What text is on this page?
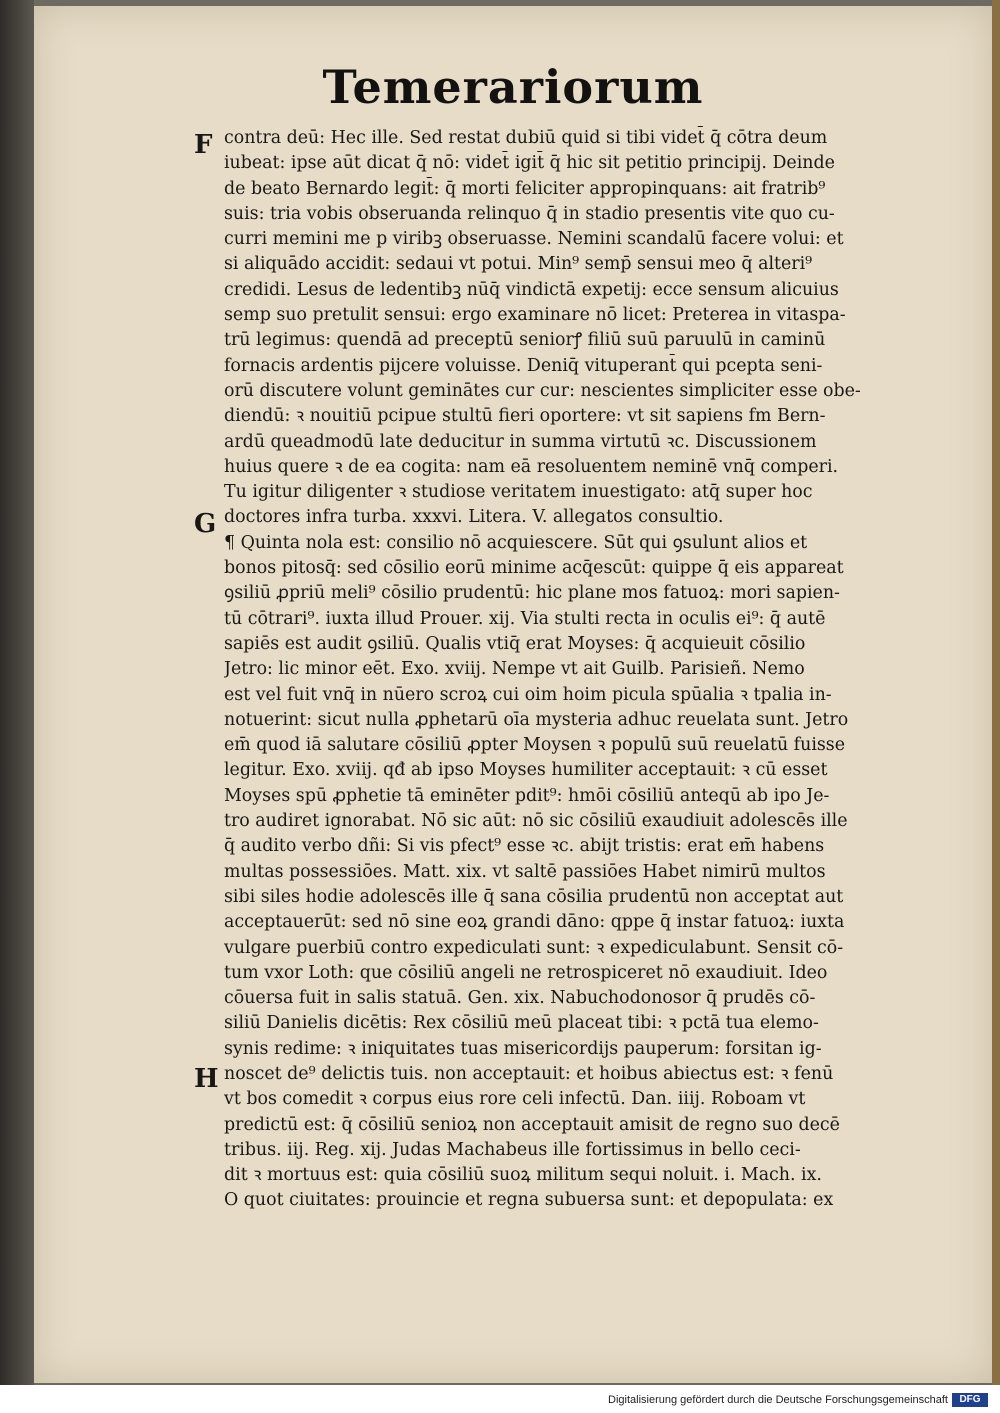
Temerariorum
F
G
H
contra deū: Hec ille. Sed restat dubiū quid si tibi videt̄ q̄ cōtra deum
iubeat: ipse aūt dicat q̄ nō: videt̄ igit̄ q̄ hic sit petitio principij. Deinde
de beato Bernardo legit̄: q̄ morti feliciter appropinquans: ait fratrib⁹
suis: tria vobis obseruanda relinquo q̄ in stadio presentis vite quo cu-
curri memini me p viribꝫ obseruasse. Nemini scandalū facere volui: et
si aliquādo accidit: sedaui vt potui. Min⁹ semp̄ sensui meo q̄ alteri⁹
credidi. Lesus de ledentibꝫ nūq̄ vindictā expetij: ecce sensum alicuius
semp suo pretulit sensui: ergo examinare nō licet: Preterea in vitaspa-
trū legimus: quendā ad preceptū seniorꝭ filiū suū paruulū in caminū
fornacis ardentis pijcere voluisse. Deniq̄ vituperant̄ qui pcepta seni-
orū discutere volunt geminātes cur cur: nescientes simpliciter esse obe-
diendū: ꝛ nouitiū pcipue stultū fieri oportere: vt sit sapiens fm Bern-
ardū queadmodū late deducitur in summa virtutū ꝛc. Discussionem
huius quere ꝛ de ea cogita: nam eā resoluentem neminē vnq̄ comperi.
Tu igitur diligenter ꝛ studiose veritatem inuestigato: atq̄ super hoc
doctores infra turba. xxxvi. Litera. V. allegatos consultio.
¶ Quinta nola est: consilio nō acquiescere. Sūt qui ꝯsulunt alios et
bonos pitosq̄: sed cōsilio eorū minime acq̄escūt: quippe q̄ eis appareat
ꝯsiliū ꝓpriū meli⁹ cōsilio prudentū: hic plane mos fatuoꝝ: mori sapien-
tū cōtrari⁹. iuxta illud Prouer. xij. Via stulti recta in oculis ei⁹: q̄ autē
sapiēs est audit ꝯsiliū. Qualis vtiq̄ erat Moyses: q̄ acquieuit cōsilio
Jetro: lic minor eēt. Exo. xviij. Nempe vt ait Guilb. Parisieñ. Nemo
est vel fuit vnq̄ in nūero scroꝝ cui oim hoim picula spūalia ꝛ tpalia in-
notuerint: sicut nulla ꝓphetarū oīa mysteria adhuc reuelata sunt. Jetro
em̄ quod iā salutare cōsiliū ꝓpter Moysen ꝛ populū suū reuelatū fuisse
legitur. Exo. xviij. qđ ab ipso Moyses humiliter acceptauit: ꝛ cū esset
Moyses spū ꝓphetie tā eminēter pdit⁹: hmōi cōsiliū anteqū ab ipo Je-
tro audiret ignorabat. Nō sic aūt: nō sic cōsiliū exaudiuit adolescēs ille
q̄ audito verbo dñi: Si vis pfect⁹ esse ꝛc. abijt tristis: erat em̄ habens
multas possessiōes. Matt. xix. vt saltē passiōes Habet nimirū multos
sibi siles hodie adolescēs ille q̄ sana cōsilia prudentū non acceptat aut
acceptauerūt: sed nō sine eoꝝ grandi dāno: qppe q̄ instar fatuoꝝ: iuxta
vulgare puerbiū contro expediculati sunt: ꝛ expediculabunt. Sensit cō-
tum vxor Loth: que cōsiliū angeli ne retrospiceret nō exaudiuit. Ideo
cōuersa fuit in salis statuā. Gen. xix. Nabuchodonosor q̄ prudēs cō-
siliū Danielis dicētis: Rex cōsiliū meū placeat tibi: ꝛ pctā tua elemo-
synis redime: ꝛ iniquitates tuas misericordijs pauperum: forsitan ig-
noscet de⁹ delictis tuis. non acceptauit: et hoibus abiectus est: ꝛ fenū
vt bos comedit ꝛ corpus eius rore celi infectū. Dan. iiij. Roboam vt
predictū est: q̄ cōsiliū senioꝝ non acceptauit amisit de regno suo decē
tribus. iij. Reg. xij. Judas Machabeus ille fortissimus in bello ceci-
dit ꝛ mortuus est: quia cōsiliū suoꝝ militum sequi noluit. i. Mach. ix.
O quot ciuitates: prouincie et regna subuersa sunt: et depopulata: ex
Digitalisierung gefördert durch die Deutsche Forschungsgemeinschaft	DFG
